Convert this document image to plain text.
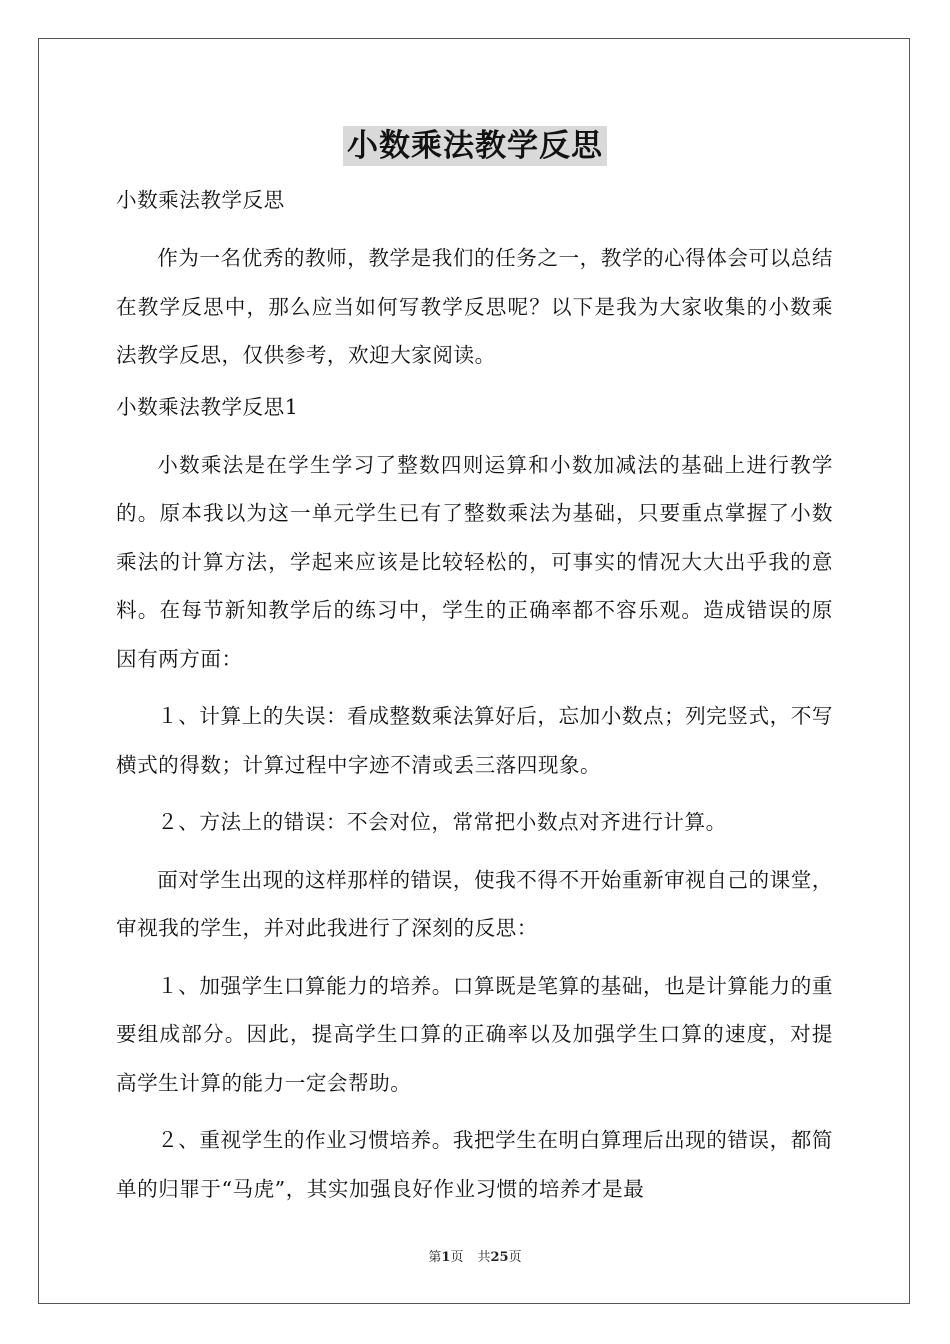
小数乘法教学反思

小数乘法教学反思

作为一名优秀的教师，教学是我们的任务之一，教学的心得体会可以总结在教学反思中，那么应当如何写教学反思呢？以下是我为大家收集的小数乘法教学反思，仅供参考，欢迎大家阅读。

小数乘法教学反思1

小数乘法是在学生学习了整数四则运算和小数加减法的基础上进行教学的。原本我以为这一单元学生已有了整数乘法为基础，只要重点掌握了小数乘法的计算方法，学起来应该是比较轻松的，可事实的情况大大出乎我的意料。在每节新知教学后的练习中，学生的正确率都不容乐观。造成错误的原因有两方面：

１、计算上的失误：看成整数乘法算好后，忘加小数点；列完竖式，不写横式的得数；计算过程中字迹不清或丢三落四现象。

２、方法上的错误：不会对位，常常把小数点对齐进行计算。

面对学生出现的这样那样的错误，使我不得不开始重新审视自己的课堂，审视我的学生，并对此我进行了深刻的反思：

１、加强学生口算能力的培养。口算既是笔算的基础，也是计算能力的重要组成部分。因此，提高学生口算的正确率以及加强学生口算的速度，对提高学生计算的能力一定会帮助。

２、重视学生的作业习惯培养。我把学生在明白算理后出现的错误，都简单的归罪于“马虎”，其实加强良好作业习惯的培养才是最

第1页 共25页
